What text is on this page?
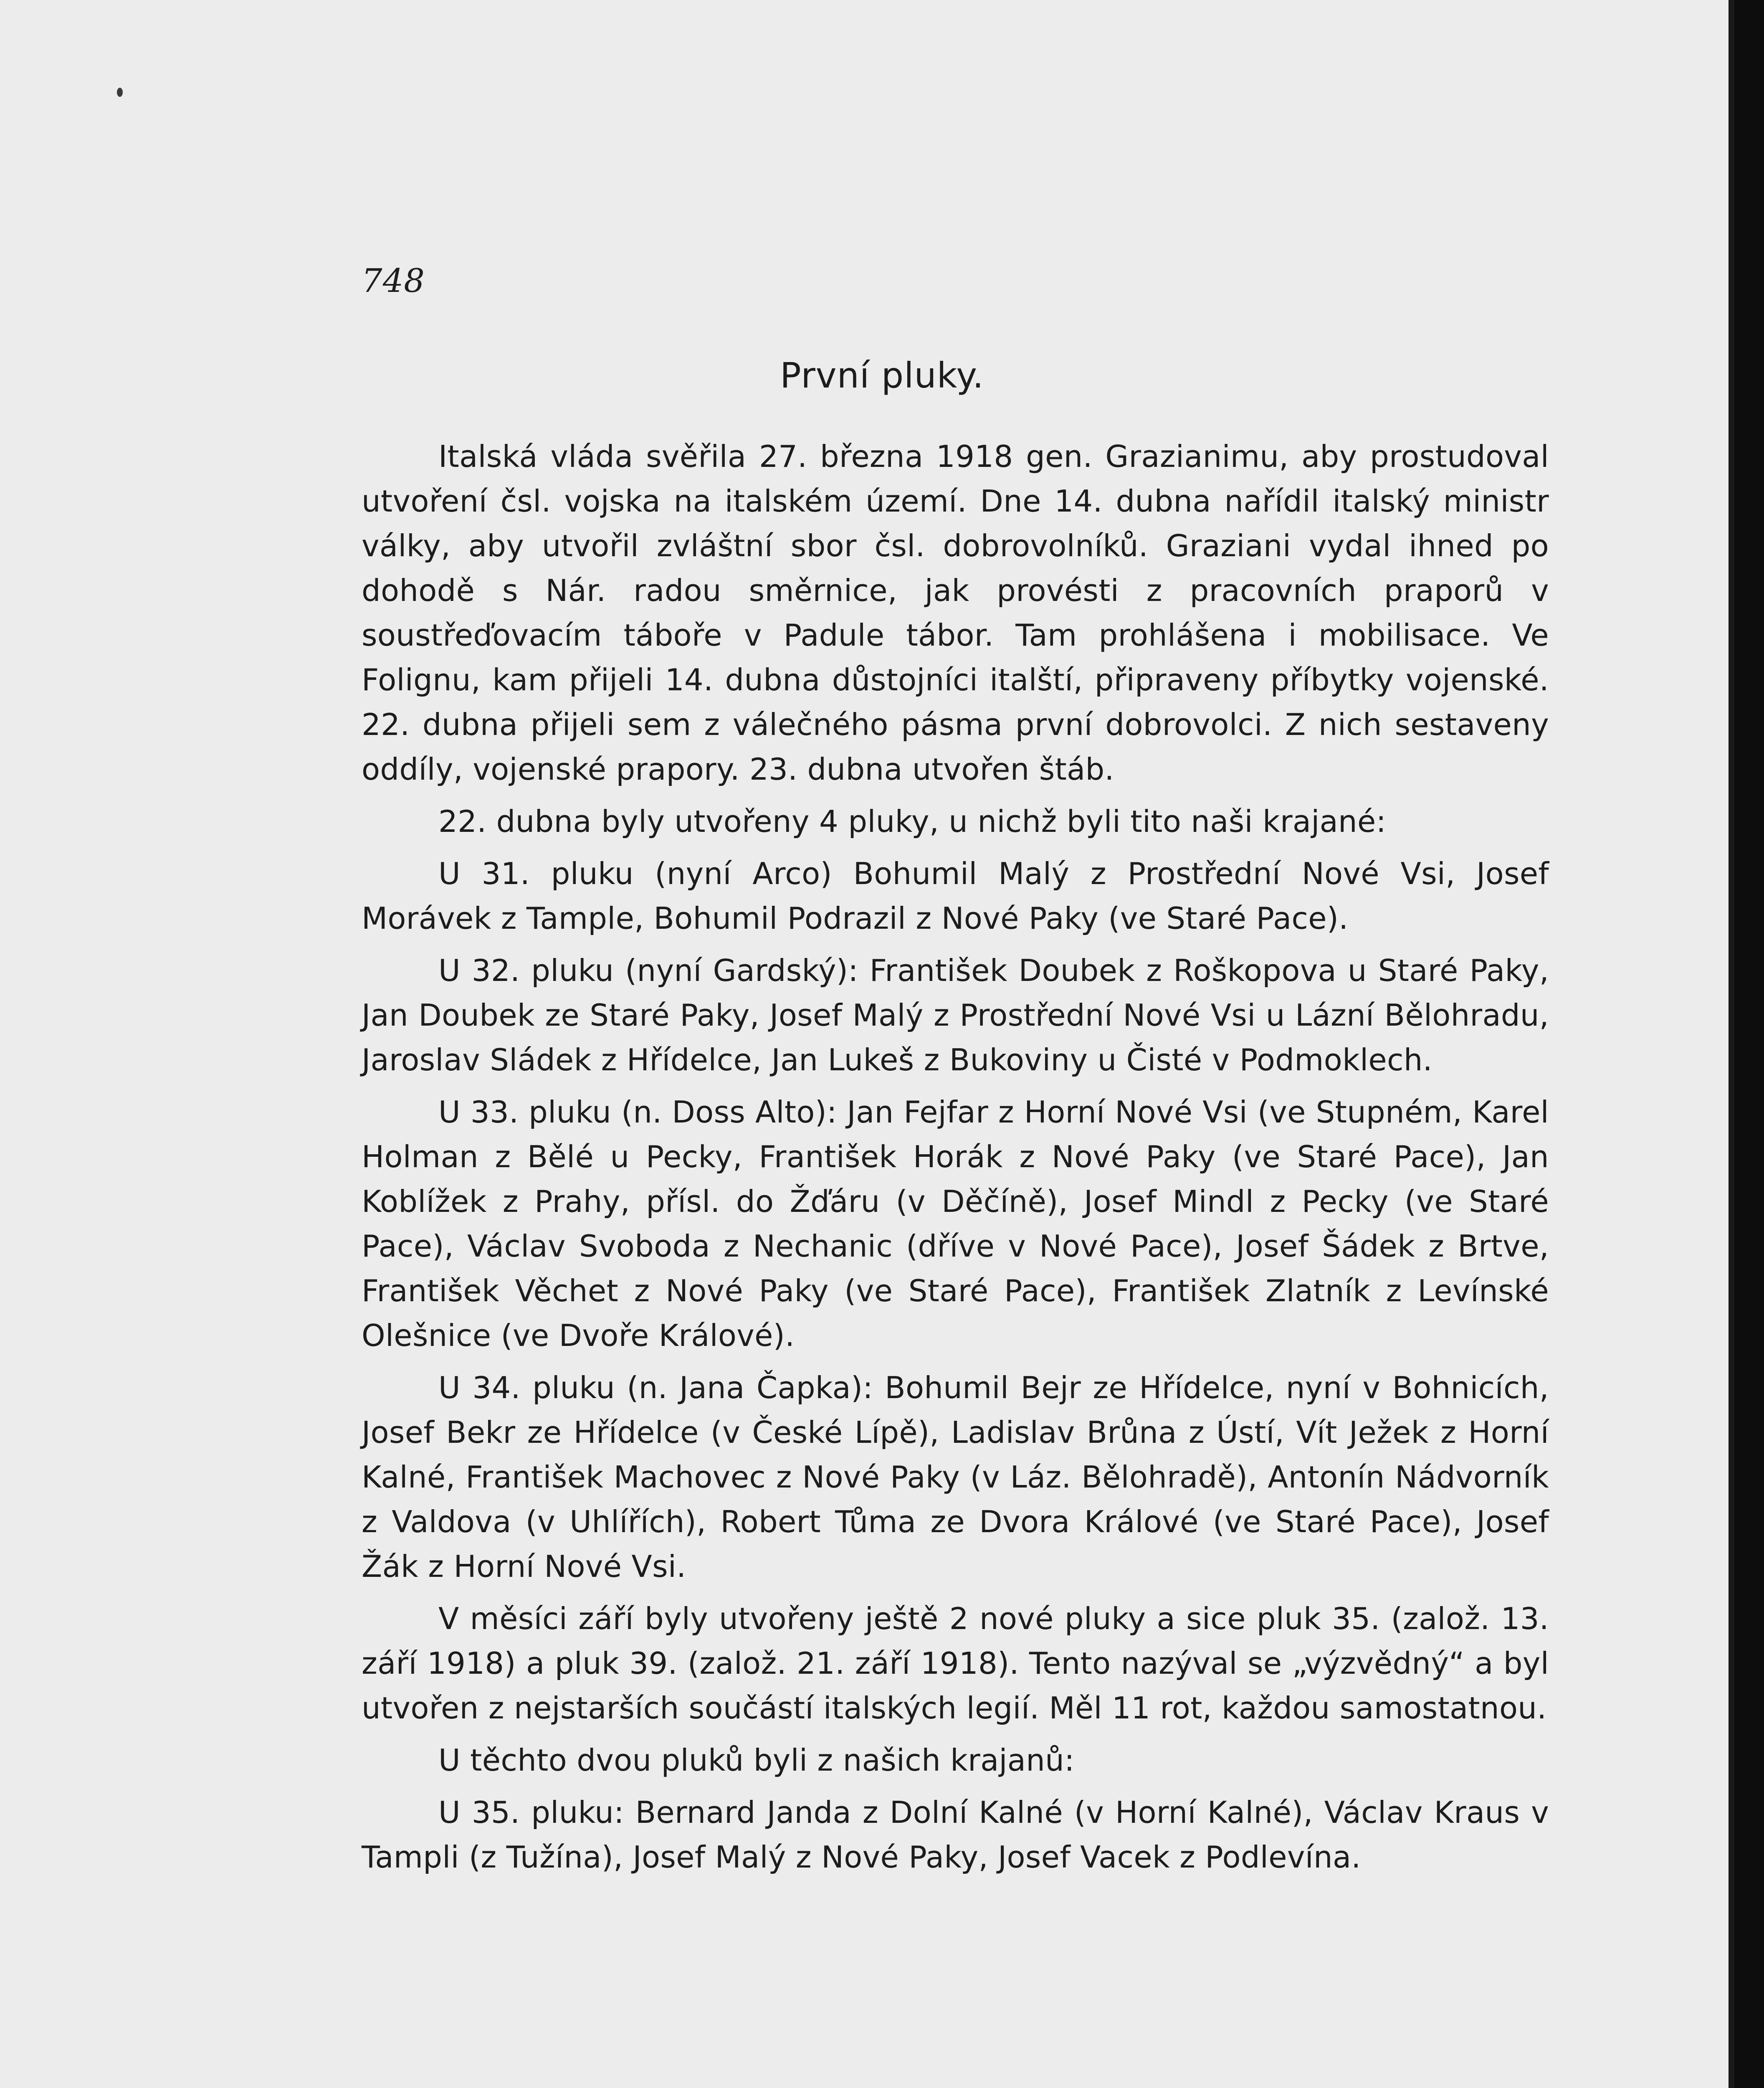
748
První pluky.

Italská vláda svěřila 27. března 1918 gen. Grazianimu, aby prostudoval utvoření čsl. vojska na italském území. Dne 14. dubna nařídil italský ministr války, aby utvořil zvláštní sbor čsl. dobrovolníků. Graziani vydal ihned po dohodě s Nár. radou směrnice, jak provésti z pracovních praporů v soustřeďovacím táboře v Padule tábor. Tam prohlášena i mobilisace. Ve Folignu, kam přijeli 14. dubna důstojníci italští, připraveny příbytky vojenské. 22. dubna přijeli sem z válečného pásma první dobrovolci. Z nich sestaveny oddíly, vojenské prapory. 23. dubna utvořen štáb.

22. dubna byly utvořeny 4 pluky, u nichž byli tito naši krajané:

U 31. pluku (nyní Arco) Bohumil Malý z Prostřední Nové Vsi, Josef Morávek z Tample, Bohumil Podrazil z Nové Paky (ve Staré Pace).

U 32. pluku (nyní Gardský): František Doubek z Roškopova u Staré Paky, Jan Doubek ze Staré Paky, Josef Malý z Prostřední Nové Vsi u Lázní Bělohradu, Jaroslav Sládek z Hřídelce, Jan Lukeš z Bukoviny u Čisté v Podmoklech.

U 33. pluku (n. Doss Alto): Jan Fejfar z Horní Nové Vsi (ve Stupném, Karel Holman z Bělé u Pecky, František Horák z Nové Paky (ve Staré Pace), Jan Koblížek z Prahy, přísl. do Žďáru (v Děčíně), Josef Mindl z Pecky (ve Staré Pace), Václav Svoboda z Nechanic (dříve v Nové Pace), Josef Šádek z Brtve, František Věchet z Nové Paky (ve Staré Pace), František Zlatník z Levínské Olešnice (ve Dvoře Králové).

U 34. pluku (n. Jana Čapka): Bohumil Bejr ze Hřídelce, nyní v Bohnicích, Josef Bekr ze Hřídelce (v České Lípě), Ladislav Brůna z Ústí, Vít Ježek z Horní Kalné, František Machovec z Nové Paky (v Láz. Bělohradě), Antonín Nádvorník z Valdova (v Uhlířích), Robert Tůma ze Dvora Králové (ve Staré Pace), Josef Žák z Horní Nové Vsi.

V měsíci září byly utvořeny ještě 2 nové pluky a sice pluk 35. (založ. 13. září 1918) a pluk 39. (založ. 21. září 1918). Tento nazýval se „výzvědný“ a byl utvořen z nejstarších součástí italských legií. Měl 11 rot, každou samostatnou.

U těchto dvou pluků byli z našich krajanů:

U 35. pluku: Bernard Janda z Dolní Kalné (v Horní Kalné), Václav Kraus v Tampli (z Tužína), Josef Malý z Nové Paky, Josef Vacek z Podlevína.
